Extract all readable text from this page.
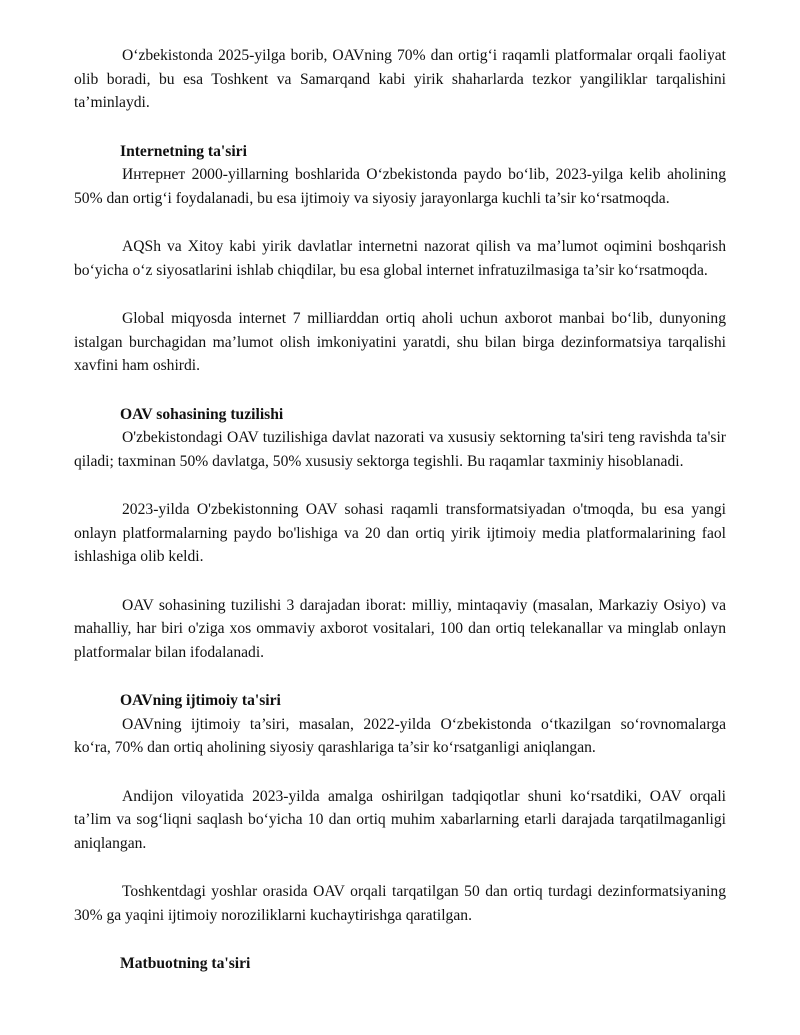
O‘zbekistonda 2025-yilga borib, OAVning 70% dan ortig‘i raqamli platformalar orqali faoliyat olib boradi, bu esa Toshkent va Samarqand kabi yirik shaharlarda tezkor yangiliklar tarqalishini ta’minlaydi.

Internetning ta'siri

Интернет 2000-yillarning boshlarida O‘zbekistonda paydo bo‘lib, 2023-yilga kelib aholining 50% dan ortig‘i foydalanadi, bu esa ijtimoiy va siyosiy jarayonlarga kuchli ta’sir ko‘rsatmoqda.

AQSh va Xitoy kabi yirik davlatlar internetni nazorat qilish va ma’lumot oqimini boshqarish bo‘yicha o‘z siyosatlarini ishlab chiqdilar, bu esa global internet infratuzilmasiga ta’sir ko‘rsatmoqda.

Global miqyosda internet 7 milliarddan ortiq aholi uchun axborot manbai bo‘lib, dunyoning istalgan burchagidan ma’lumot olish imkoniyatini yaratdi, shu bilan birga dezinformatsiya tarqalishi xavfini ham oshirdi.

OAV sohasining tuzilishi

O'zbekistondagi OAV tuzilishiga davlat nazorati va xususiy sektorning ta'siri teng ravishda ta'sir qiladi; taxminan 50% davlatga, 50% xususiy sektorga tegishli. Bu raqamlar taxminiy hisoblanadi.

2023-yilda O'zbekistonning OAV sohasi raqamli transformatsiyadan o'tmoqda, bu esa yangi onlayn platformalarning paydo bo'lishiga va 20 dan ortiq yirik ijtimoiy media platformalarining faol ishlashiga olib keldi.

OAV sohasining tuzilishi 3 darajadan iborat: milliy, mintaqaviy (masalan, Markaziy Osiyo) va mahalliy, har biri o'ziga xos ommaviy axborot vositalari, 100 dan ortiq telekanallar va minglab onlayn platformalar bilan ifodalanadi.

OAVning ijtimoiy ta'siri

OAVning ijtimoiy ta’siri, masalan, 2022-yilda O‘zbekistonda o‘tkazilgan so‘rovnomalarga ko‘ra, 70% dan ortiq aholining siyosiy qarashlariga ta’sir ko‘rsatganligi aniqlangan.

Andijon viloyatida 2023-yilda amalga oshirilgan tadqiqotlar shuni ko‘rsatdiki, OAV orqali ta’lim va sog‘liqni saqlash bo‘yicha 10 dan ortiq muhim xabarlarning etarli darajada tarqatilmaganligi aniqlangan.

Toshkentdagi yoshlar orasida OAV orqali tarqatilgan 50 dan ortiq turdagi dezinformatsiyaning 30% ga yaqini ijtimoiy noroziliklarni kuchaytirishga qaratilgan.

Matbuotning ta'siri
